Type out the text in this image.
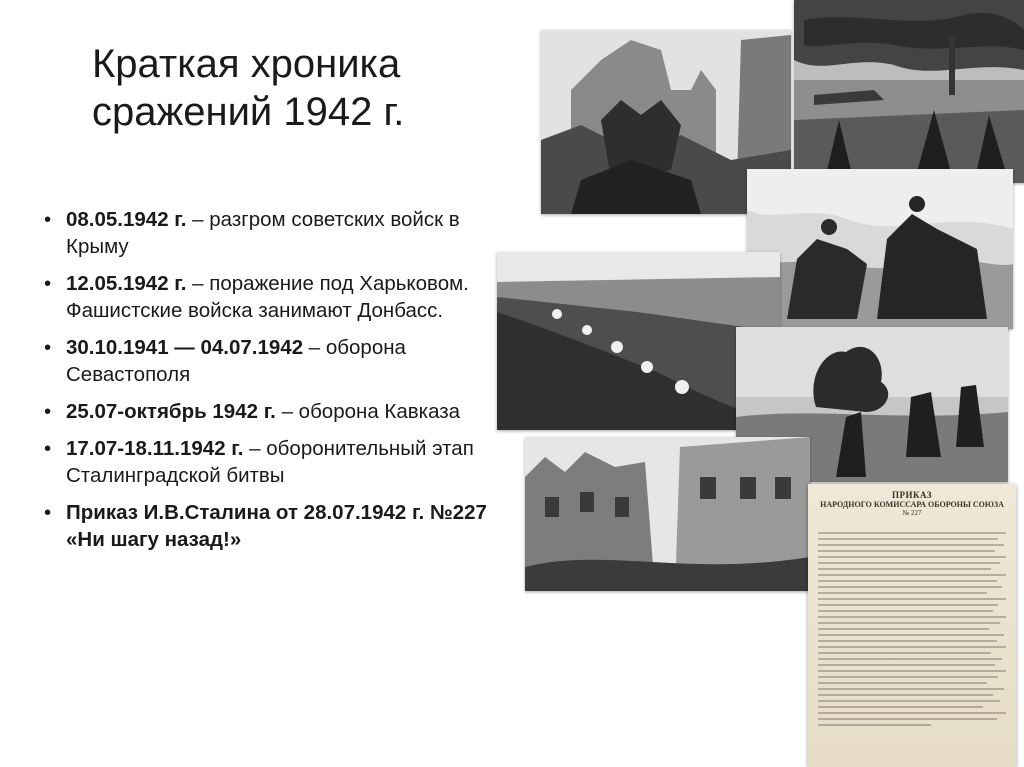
Краткая хроника
сражений 1942 г.
• 08.05.1942 г. – разгром советских войск в Крыму
• 12.05.1942 г. – поражение под Харьковом. Фашистские войска занимают Донбасс.
• 30.10.1941 — 04.07.1942 – оборона Севастополя
• 25.07-октябрь 1942 г. – оборона Кавказа
• 17.07-18.11.1942 г. – оборонительный этап Сталинградской битвы
• Приказ И.В.Сталина от 28.07.1942 г. №227 «Ни шагу назад!»
ПРИКАЗ
НАРОДНОГО КОМИССАРА ОБОРОНЫ СОЮЗА
№ 227
